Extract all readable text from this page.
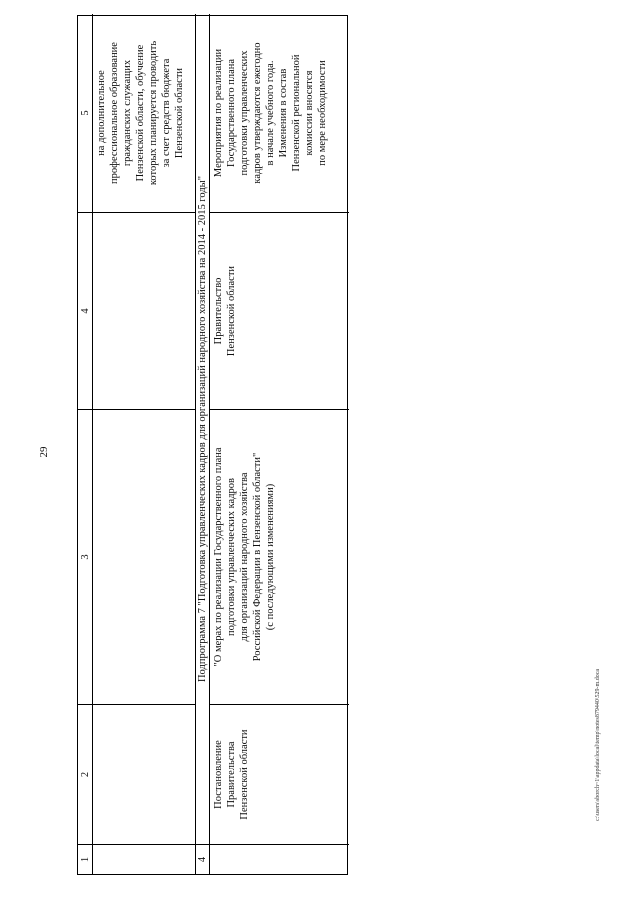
29
c:\users\sborch~1\appdata\local\temp\notes879440\529-m.doca
1
2
3
4
5
на дополнительное
профессиональное образование
гражданских служащих
Пензенской области, обучение
которых планируется проводить
за счет средств бюджета
Пензенской области
4
Подпрограмма 7 "Подготовка управленческих кадров для организаций народного хозяйства на 2014 - 2015 годы"
Постановление
Правительства
Пензенской области
"О мерах по реализации Государственного плана
подготовки управленческих кадров
для организаций народного хозяйства
Российской Федерации в Пензенской области"
(с последующими изменениями)
Правительство
Пензенской области
Мероприятия по реализации
Государственного плана
подготовки управленческих
кадров утверждаются ежегодно
в начале учебного года.
Изменения в состав
Пензенской региональной
комиссии вносятся
по мере необходимости
